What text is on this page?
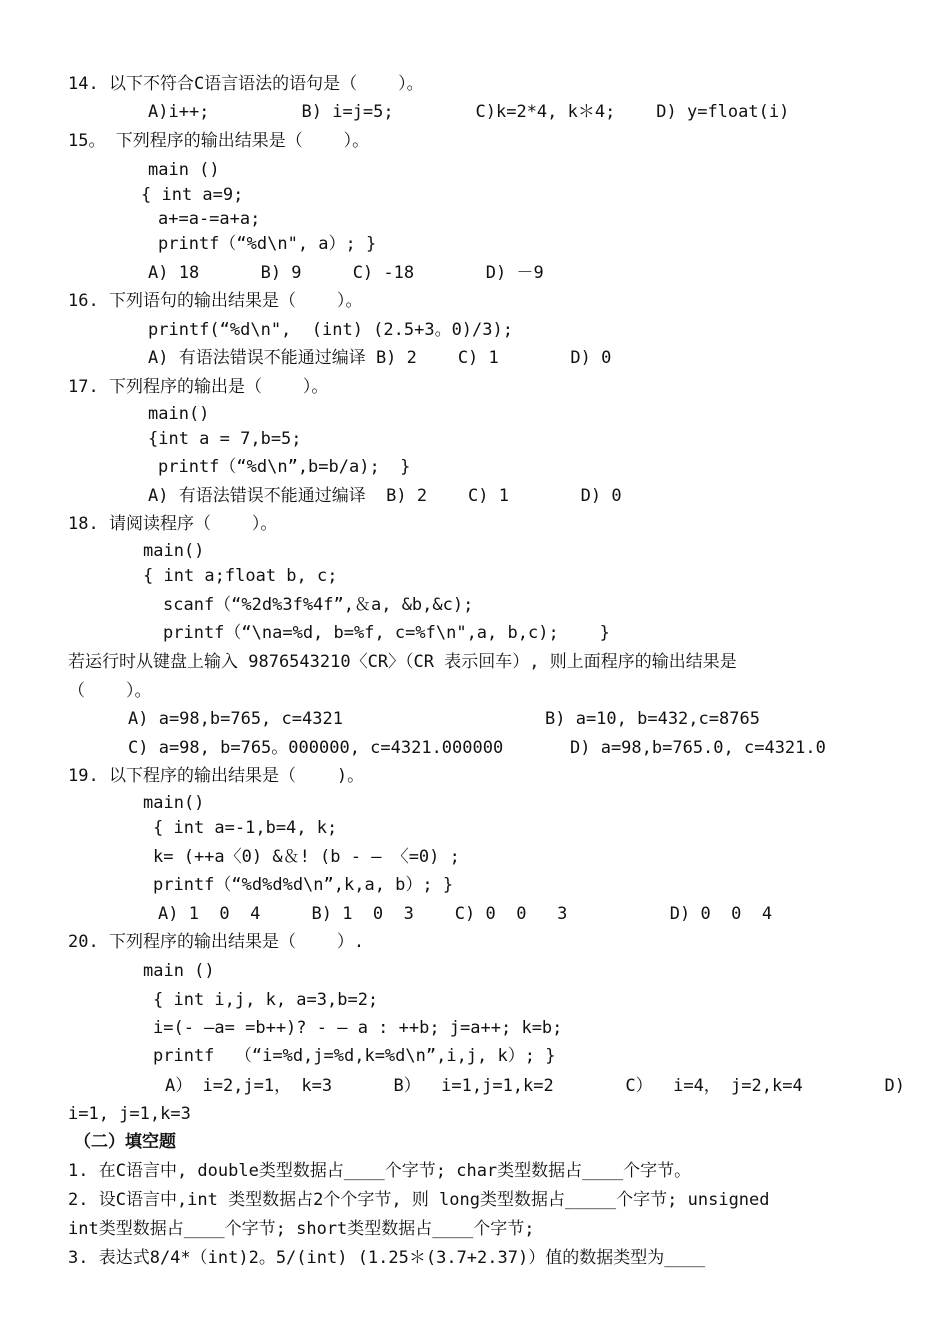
14. 以下不符合C语言语法的语句是（    ）。
A)i++;         B) i=j=5;        C)k=2*4, k＊4;    D) y=float(i)
15。 下列程序的输出结果是（    ）。
main ()
{ int a=9;
a+=a-=a+a;
printf（“%d\n", a）; }
A) 18      B) 9     C) -18       D) －9
16. 下列语句的输出结果是（    ）。
printf(“%d\n",  (int) (2.5+3。0)/3);
A) 有语法错误不能通过编译 B) 2    C) 1       D) 0
17. 下列程序的输出是（    ）。
main()
{int a = 7,b=5;
printf（“%d\n”,b=b/a);  }
A) 有语法错误不能通过编译  B) 2    C) 1       D) 0
18. 请阅读程序（    ）。
main()
{ int a;float b, c;
scanf（“%2d%3f%4f”,＆a, &b,&c);
printf（“\na=%d, b=%f, c=%f\n",a, b,c);    }
若运行时从键盘上输入 9876543210〈CR〉（CR 表示回车）, 则上面程序的输出结果是
（    ）。
A) a=98,b=765, c=4321	B) a=10, b=432,c=8765
C) a=98, b=765。000000, c=4321.000000	D) a=98,b=765.0, c=4321.0
19. 以下程序的输出结果是（    )。
main()
{ int a=-1,b=4, k;
k= (++a〈0) &＆! (b - — 〈=0) ;
printf（“%d%d%d\n”,k,a, b）; }
A) 1  0  4     B) 1  0  3    C) 0  0   3          D) 0  0  4
20. 下列程序的输出结果是（    ）.
main ()
{ int i,j, k, a=3,b=2;
i=(- —a= =b++)? - — a : ++b; j=a++; k=b;
printf  （“i=%d,j=%d,k=%d\n”,i,j, k）; }
A） i=2,j=1， k=3      B）  i=1,j=1,k=2       C）  i=4， j=2,k=4        D)
i=1, j=1,k=3
（二）填空题
1. 在C语言中, double类型数据占____个字节; char类型数据占____个字节。
2. 设C语言中,int 类型数据占2个个字节, 则 long类型数据占_____个字节; unsigned
int类型数据占____个字节; short类型数据占____个字节;
3. 表达式8/4*（int)2。5/(int) (1.25＊(3.7+2.37)）值的数据类型为____
